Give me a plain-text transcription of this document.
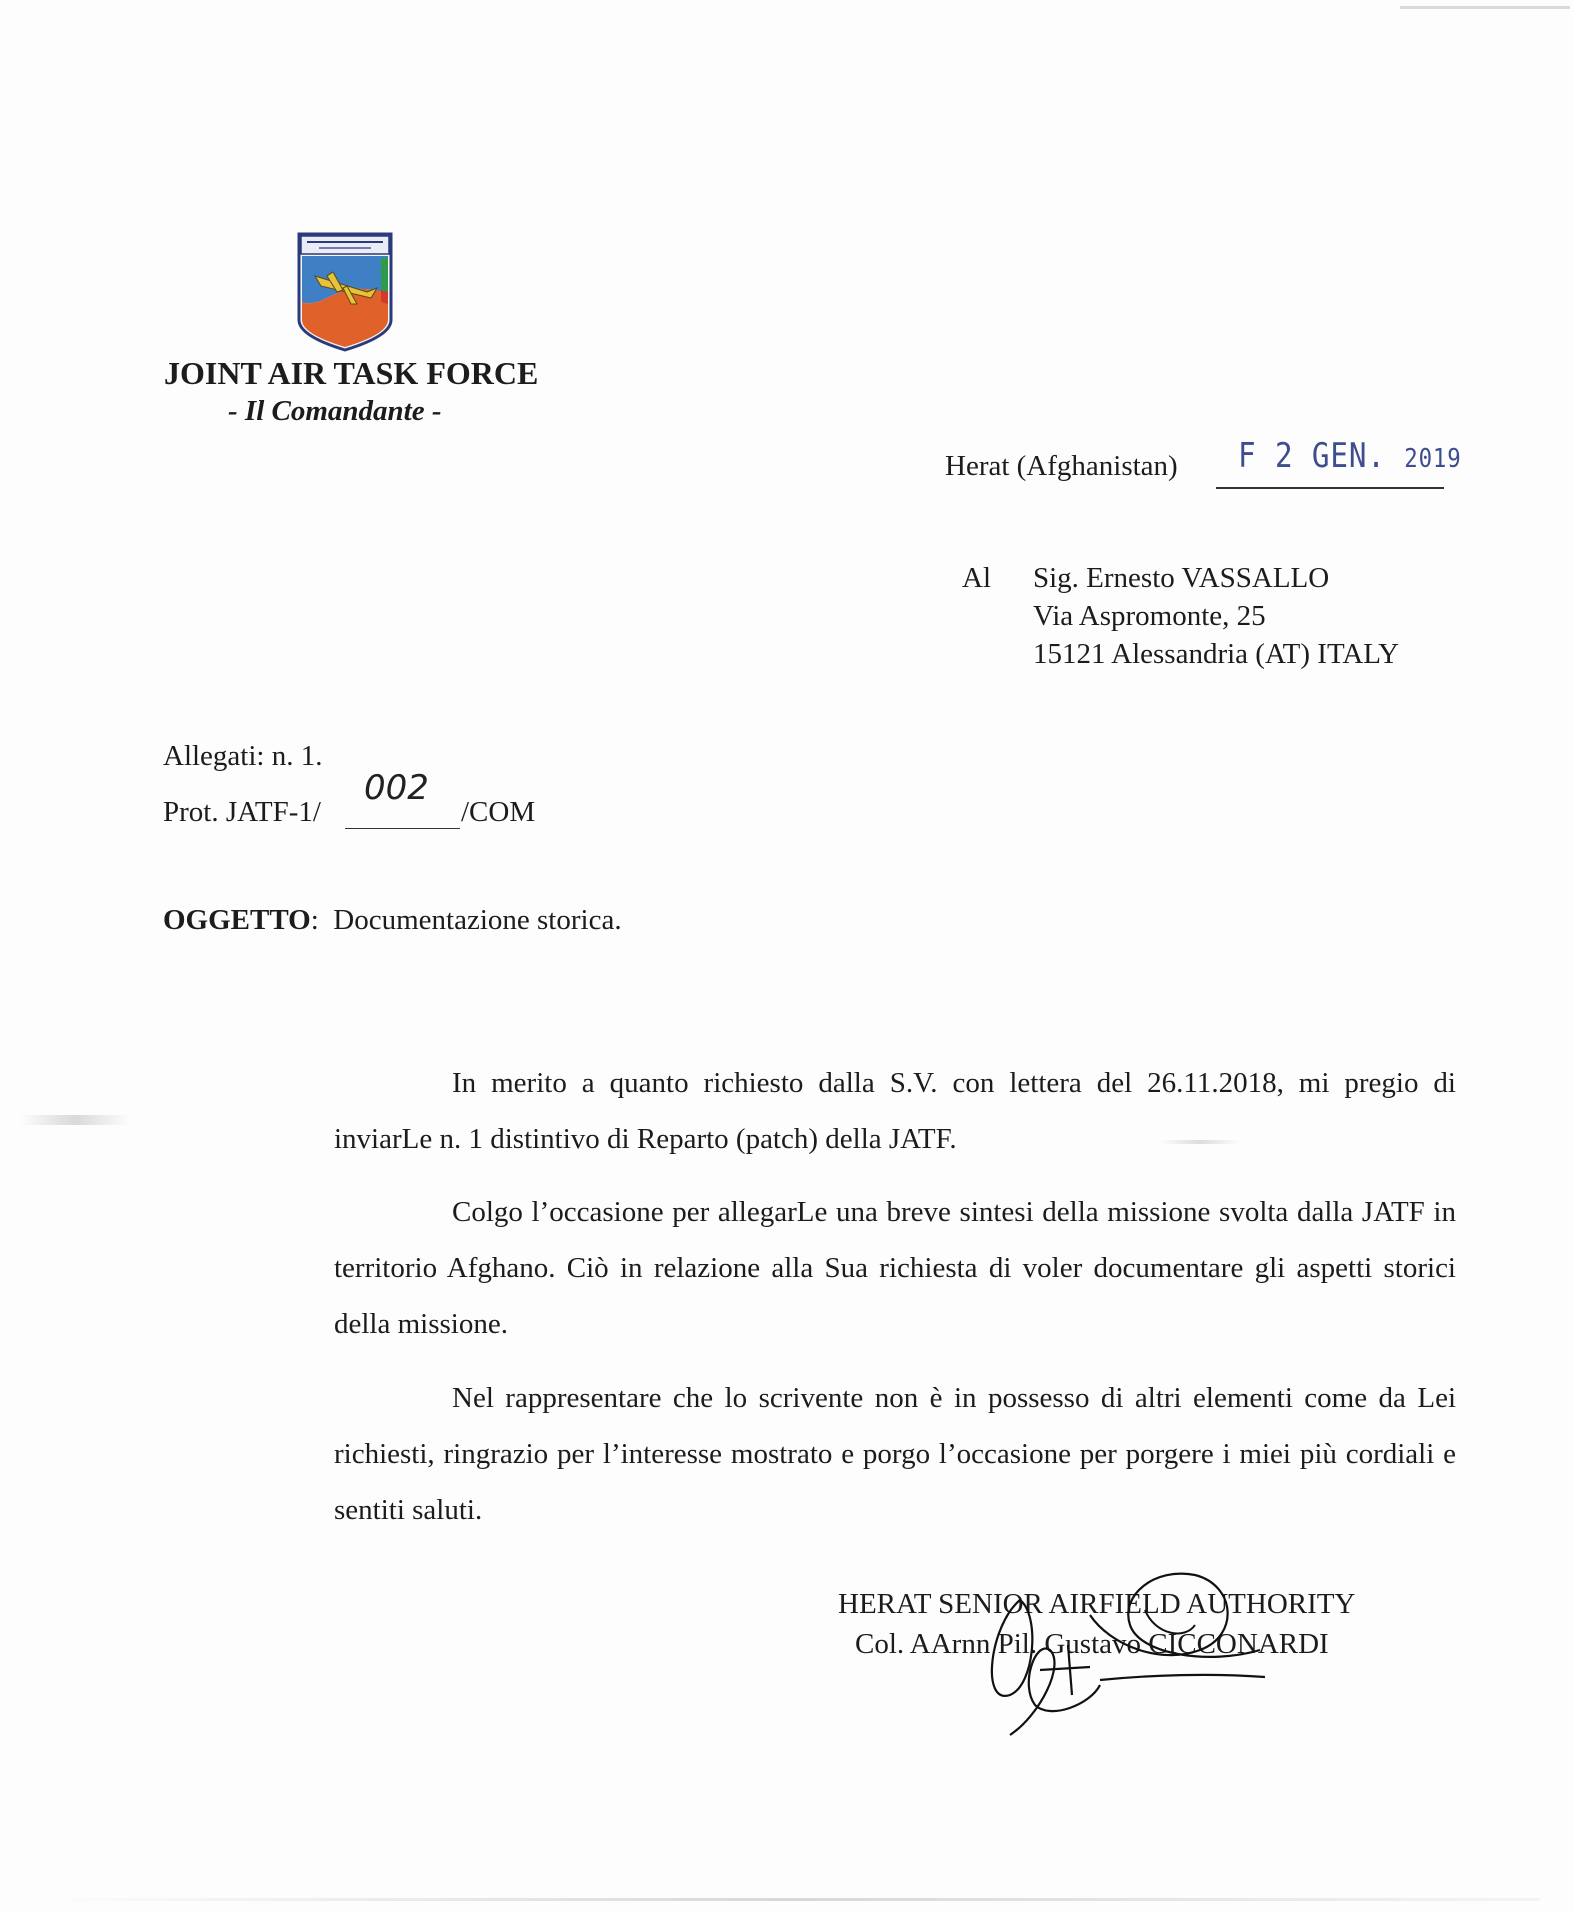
JOINT AIR TASK FORCE
- Il Comandante -
Herat (Afghanistan) F 2 GEN. 2019
Al Sig. Ernesto VASSALLO
Via Aspromonte, 25
15121 Alessandria (AT) ITALY
Allegati: n. 1.
Prot. JATF-1/
002
/COM
OGGETTO: Documentazione storica.
In merito a quanto richiesto dalla S.V. con lettera del 26.11.2018, mi pregio di inviarLe n. 1 distintivo di Reparto (patch) della JATF.
Colgo l’occasione per allegarLe una breve sintesi della missione svolta dalla JATF in territorio Afghano. Ciò in relazione alla Sua richiesta di voler documentare gli aspetti storici della missione.
Nel rappresentare che lo scrivente non è in possesso di altri elementi come da Lei richiesti, ringrazio per l’interesse mostrato e porgo l’occasione per porgere i miei più cordiali e sentiti saluti.
HERAT SENIOR AIRFIELD AUTHORITY
Col. AArnn Pil. Gustavo CICCONARDI
